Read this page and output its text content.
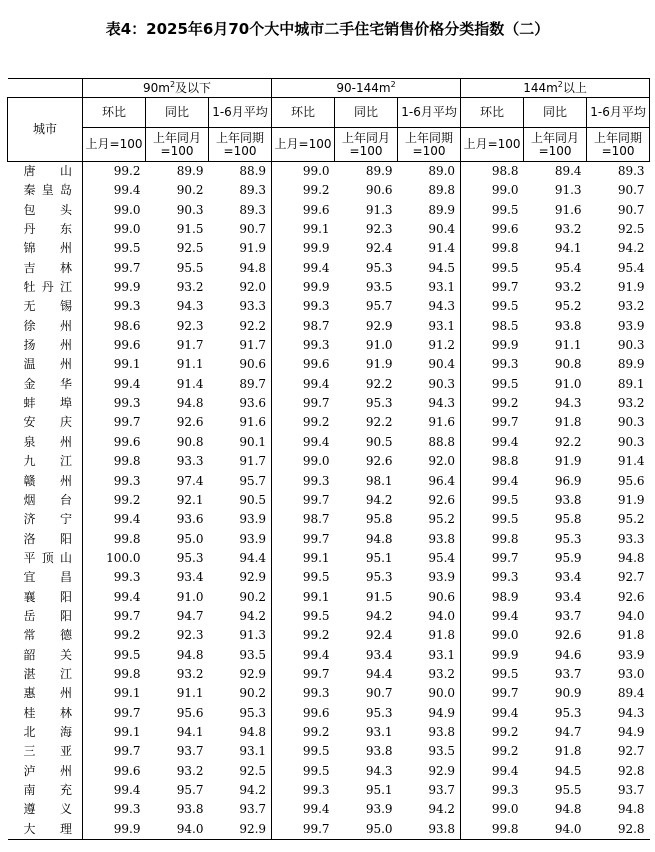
表4：2025年6月70个大中城市二手住宅销售价格分类指数（二）
	$90m^2$及以下			$90-144m^2$			$144m^2$以上		
城市	环比	同比	1-6月平均	环比	同比	1-6月平均	环比	同比	1-6月平均
	上月=100	上年同月=100	上年同期=100	上月=100	上年同月=100	上年同期=100	上月=100	上年同月=100	上年同期=100
唐山	99.2	89.9	88.9	99.0	89.9	89.0	98.8	89.4	89.3
秦皇岛	99.4	90.2	89.3	99.2	90.6	89.8	99.0	91.3	90.7
包头	99.0	90.3	89.3	99.6	91.3	89.9	99.5	91.6	90.7
丹东	99.0	91.5	90.7	99.1	92.3	90.4	99.6	93.2	92.5
锦州	99.5	92.5	91.9	99.9	92.4	91.4	99.8	94.1	94.2
吉林	99.7	95.5	94.8	99.4	95.3	94.5	99.5	95.4	95.4
牡丹江	99.9	93.2	92.0	99.9	93.5	93.1	99.7	93.2	91.9
无锡	99.3	94.3	93.3	99.3	95.7	94.3	99.5	95.2	93.2
徐州	98.6	92.3	92.2	98.7	92.9	93.1	98.5	93.8	93.9
扬州	99.6	91.7	91.7	99.3	91.0	91.2	99.9	91.1	90.3
温州	99.1	91.1	90.6	99.6	91.9	90.4	99.3	90.8	89.9
金华	99.4	91.4	89.7	99.4	92.2	90.3	99.5	91.0	89.1
蚌埠	99.3	94.8	93.6	99.7	95.3	94.3	99.2	94.3	93.2
安庆	99.7	92.6	91.6	99.2	92.2	91.6	99.7	91.8	90.3
泉州	99.6	90.8	90.1	99.4	90.5	88.8	99.4	92.2	90.3
九江	99.8	93.3	91.7	99.0	92.6	92.0	98.8	91.9	91.4
赣州	99.3	97.4	95.7	99.3	98.1	96.4	99.4	96.9	95.6
烟台	99.2	92.1	90.5	99.7	94.2	92.6	99.5	93.8	91.9
济宁	99.4	93.6	93.9	98.7	95.8	95.2	99.5	95.8	95.2
洛阳	99.8	95.0	93.9	99.7	94.8	93.8	99.8	95.3	93.3
平顶山	100.0	95.3	94.4	99.1	95.1	95.4	99.7	95.9	94.8
宜昌	99.3	93.4	92.9	99.5	95.3	93.9	99.3	93.4	92.7
襄阳	99.4	91.0	90.2	99.1	91.5	90.6	98.9	93.4	92.6
岳阳	99.7	94.7	94.2	99.5	94.2	94.0	99.4	93.7	94.0
常德	99.2	92.3	91.3	99.2	92.4	91.8	99.0	92.6	91.8
韶关	99.5	94.8	93.5	99.4	93.4	93.1	99.9	94.6	93.9
湛江	99.8	93.2	92.9	99.7	94.4	93.2	99.5	93.7	93.0
惠州	99.1	91.1	90.2	99.3	90.7	90.0	99.7	90.9	89.4
桂林	99.7	95.6	95.3	99.6	95.3	94.9	99.4	95.3	94.3
北海	99.1	94.1	94.8	99.2	93.1	93.8	99.2	94.7	94.9
三亚	99.7	93.7	93.1	99.5	93.8	93.5	99.2	91.8	92.7
泸州	99.6	93.2	92.5	99.5	94.3	92.9	99.4	94.5	92.8
南充	99.4	95.7	94.2	99.3	95.1	93.7	99.3	95.5	93.7
遵义	99.3	93.8	93.7	99.4	93.9	94.2	99.0	94.8	94.8
大理	99.9	94.0	92.9	99.7	95.0	93.8	99.8	94.0	92.8
